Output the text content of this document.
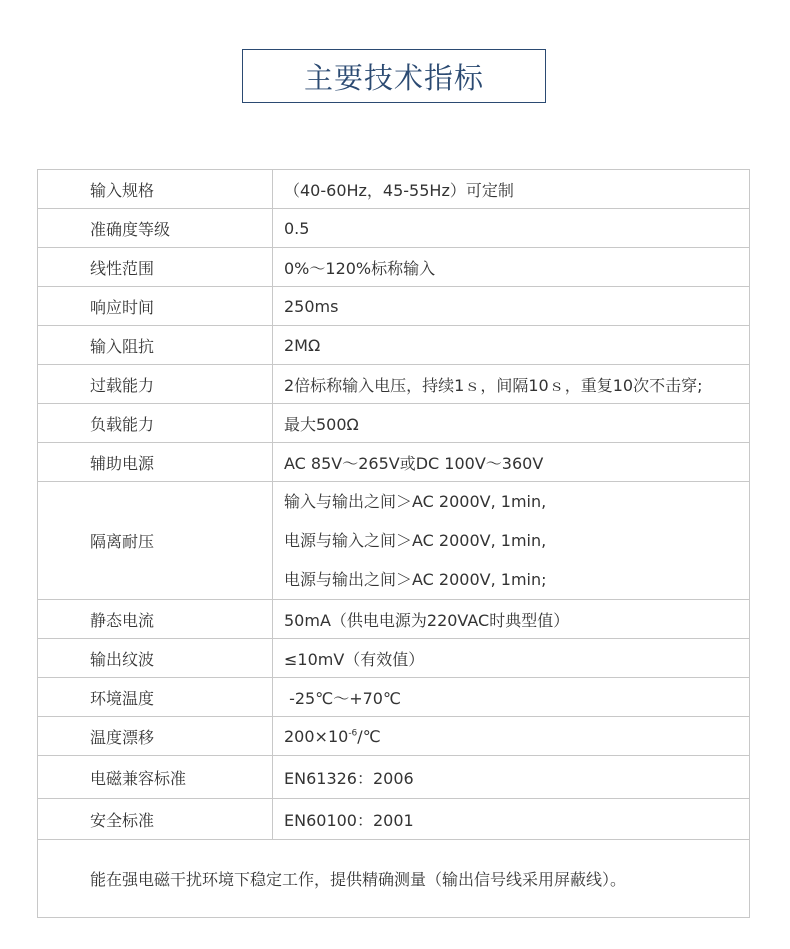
主要技术指标
输入规格	（40-60Hz，45-55Hz）可定制
准确度等级	0.5
线性范围	0%～120%标称输入
响应时间	250ms
输入阻抗	2MΩ
过载能力	2倍标称输入电压，持续1ｓ，间隔10ｓ，重复10次不击穿;
负载能力	最大500Ω
辅助电源	AC 85V～265V或DC 100V～360V
隔离耐压	输入与输出之间＞AC 2000V, 1min,
电源与输入之间＞AC 2000V, 1min,
电源与输出之间＞AC 2000V, 1min;

静态电流	50mA（供电电源为220VAC时典型值）
输出纹波	≤10mV（有效值）
环境温度	-25℃～+70℃
温度漂移	$200\times 10^{-6}/℃$
电磁兼容标准	EN61326：2006
安全标准	EN60100：2001
能在强电磁干扰环境下稳定工作，提供精确测量（输出信号线采用屏蔽线）。	
